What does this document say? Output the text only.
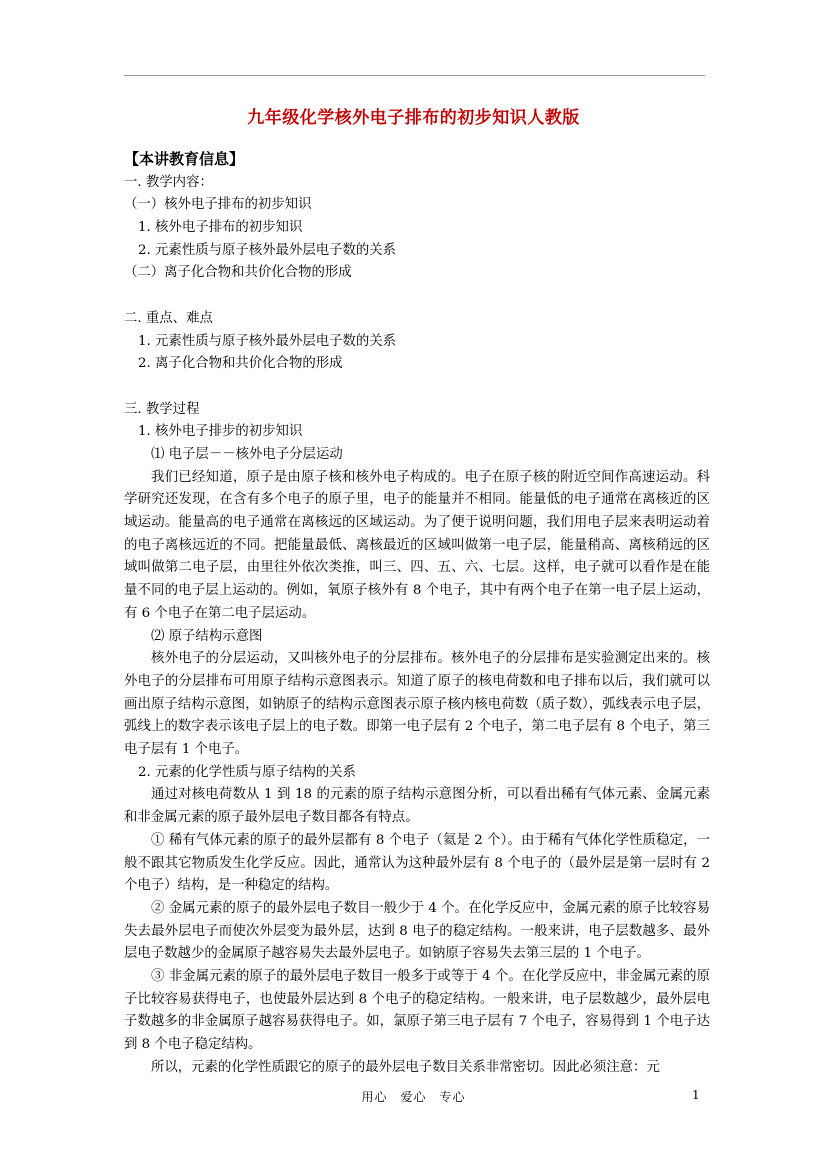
九年级化学核外电子排布的初步知识人教版
【本讲教育信息】
一. 教学内容：
（一）核外电子排布的初步知识
1. 核外电子排布的初步知识
2. 元素性质与原子核外最外层电子数的关系
（二）离子化合物和共价化合物的形成
二. 重点、难点
1. 元素性质与原子核外最外层电子数的关系
2. 离子化合物和共价化合物的形成
三. 教学过程
1. 核外电子排步的初步知识
⑴ 电子层－－核外电子分层运动
我们已经知道，原子是由原子核和核外电子构成的。电子在原子核的附近空间作高速运动。科学研究还发现，在含有多个电子的原子里，电子的能量并不相同。能量低的电子通常在离核近的区域运动。能量高的电子通常在离核远的区域运动。为了便于说明问题，我们用电子层来表明运动着的电子离核远近的不同。把能量最低、离核最近的区域叫做第一电子层，能量稍高、离核稍远的区域叫做第二电子层，由里往外依次类推，叫三、四、五、六、七层。这样，电子就可以看作是在能量不同的电子层上运动的。例如，氧原子核外有 8 个电子，其中有两个电子在第一电子层上运动，有 6 个电子在第二电子层运动。
⑵ 原子结构示意图
核外电子的分层运动，又叫核外电子的分层排布。核外电子的分层排布是实验测定出来的。核外电子的分层排布可用原子结构示意图表示。知道了原子的核电荷数和电子排布以后，我们就可以画出原子结构示意图，如钠原子的结构示意图表示原子核内核电荷数（质子数），弧线表示电子层，弧线上的数字表示该电子层上的电子数。即第一电子层有 2 个电子，第二电子层有 8 个电子，第三电子层有 1 个电子。
2. 元素的化学性质与原子结构的关系
通过对核电荷数从 1 到 18 的元素的原子结构示意图分析，可以看出稀有气体元素、金属元素和非金属元素的原子最外层电子数目都各有特点。
① 稀有气体元素的原子的最外层都有 8 个电子（氦是 2 个）。由于稀有气体化学性质稳定，一般不跟其它物质发生化学反应。因此，通常认为这种最外层有 8 个电子的（最外层是第一层时有 2 个电子）结构，是一种稳定的结构。
② 金属元素的原子的最外层电子数目一般少于 4 个。在化学反应中，金属元素的原子比较容易失去最外层电子而使次外层变为最外层，达到 8 电子的稳定结构。一般来讲，电子层数越多、最外层电子数越少的金属原子越容易失去最外层电子。如钠原子容易失去第三层的 1 个电子。
③ 非金属元素的原子的最外层电子数目一般多于或等于 4 个。在化学反应中，非金属元素的原子比较容易获得电子，也使最外层达到 8 个电子的稳定结构。一般来讲，电子层数越少，最外层电子数越多的非金属原子越容易获得电子。如，氯原子第三电子层有 7 个电子，容易得到 1 个电子达到 8 个电子稳定结构。
所以，元素的化学性质跟它的原子的最外层电子数目关系非常密切。因此必须注意：元
用心　爱心　专心	1
